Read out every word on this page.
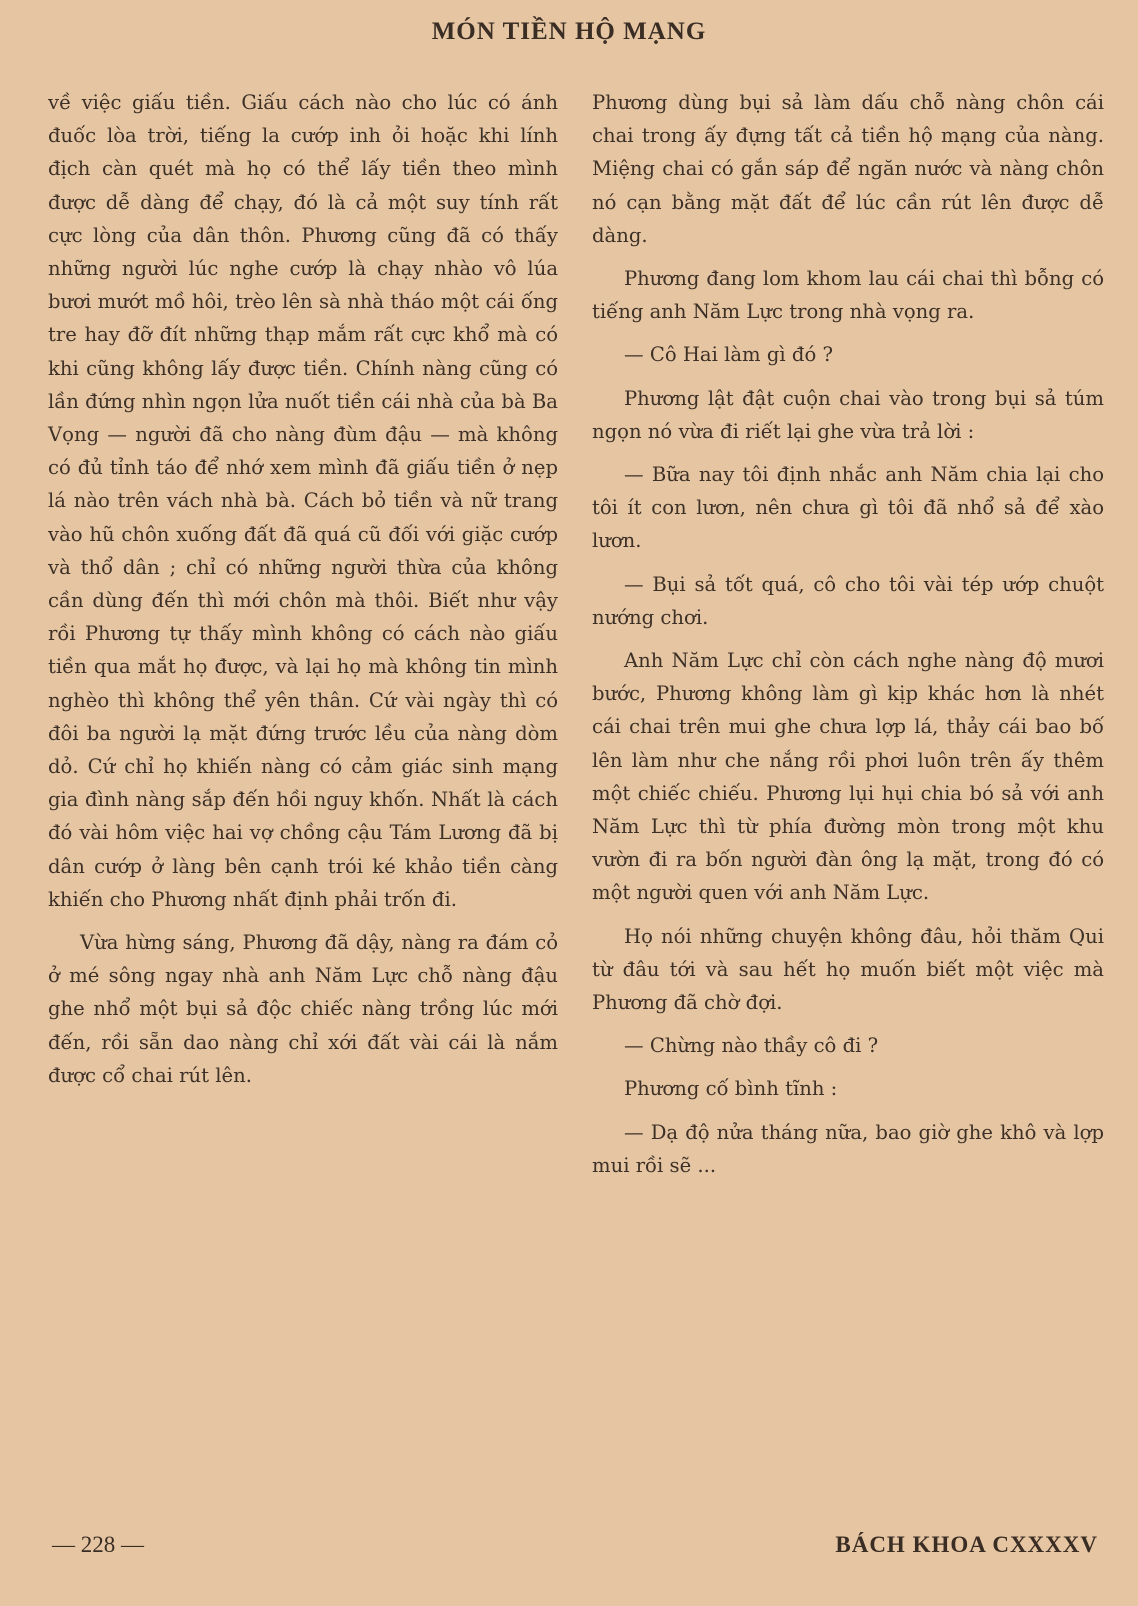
MÓN TIỀN HỘ MẠNG

về việc giấu tiền. Giấu cách nào cho lúc có ánh đuốc lòa trời, tiếng la cướp inh ỏi hoặc khi lính địch càn quét mà họ có thể lấy tiền theo mình được dễ dàng để chạy, đó là cả một suy tính rất cực lòng của dân thôn. Phương cũng đã có thấy những người lúc nghe cướp là chạy nhào vô lúa bươi mướt mồ hôi, trèo lên sà nhà tháo một cái ống tre hay đỡ đít những thạp mắm rất cực khổ mà có khi cũng không lấy được tiền. Chính nàng cũng có lần đứng nhìn ngọn lửa nuốt tiền cái nhà của bà Ba Vọng — người đã cho nàng đùm đậu — mà không có đủ tỉnh táo để nhớ xem mình đã giấu tiền ở nẹp lá nào trên vách nhà bà. Cách bỏ tiền và nữ trang vào hũ chôn xuống đất đã quá cũ đối với giặc cướp và thổ dân ; chỉ có những người thừa của không cần dùng đến thì mới chôn mà thôi. Biết như vậy rồi Phương tự thấy mình không có cách nào giấu tiền qua mắt họ được, và lại họ mà không tin mình nghèo thì không thể yên thân. Cứ vài ngày thì có đôi ba người lạ mặt đứng trước lều của nàng dòm dỏ. Cứ chỉ họ khiến nàng có cảm giác sinh mạng gia đình nàng sắp đến hồi nguy khốn. Nhất là cách đó vài hôm việc hai vợ chồng cậu Tám Lương đã bị dân cướp ở làng bên cạnh trói ké khảo tiền càng khiến cho Phương nhất định phải trốn đi.

Vừa hừng sáng, Phương đã dậy, nàng ra đám cỏ ở mé sông ngay nhà anh Năm Lực chỗ nàng đậu ghe nhổ một bụi sả độc chiếc nàng trồng lúc mới đến, rồi sẵn dao nàng chỉ xới đất vài cái là nắm được cổ chai rút lên.

Phương dùng bụi sả làm dấu chỗ nàng chôn cái chai trong ấy đựng tất cả tiền hộ mạng của nàng. Miệng chai có gắn sáp để ngăn nước và nàng chôn nó cạn bằng mặt đất để lúc cần rút lên được dễ dàng.

Phương đang lom khom lau cái chai thì bỗng có tiếng anh Năm Lực trong nhà vọng ra.

— Cô Hai làm gì đó ?

Phương lật đật cuộn chai vào trong bụi sả túm ngọn nó vừa đi riết lại ghe vừa trả lời :

— Bữa nay tôi định nhắc anh Năm chia lại cho tôi ít con lươn, nên chưa gì tôi đã nhổ sả để xào lươn.

— Bụi sả tốt quá, cô cho tôi vài tép ướp chuột nướng chơi.

Anh Năm Lực chỉ còn cách nghe nàng độ mươi bước, Phương không làm gì kịp khác hơn là nhét cái chai trên mui ghe chưa lợp lá, thảy cái bao bố lên làm như che nắng rồi phơi luôn trên ấy thêm một chiếc chiếu. Phương lụi hụi chia bó sả với anh Năm Lực thì từ phía đường mòn trong một khu vườn đi ra bốn người đàn ông lạ mặt, trong đó có một người quen với anh Năm Lực.

Họ nói những chuyện không đâu, hỏi thăm Qui từ đâu tới và sau hết họ muốn biết một việc mà Phương đã chờ đợi.

— Chừng nào thầy cô đi ?

Phương cố bình tĩnh :

— Dạ độ nửa tháng nữa, bao giờ ghe khô và lợp mui rồi sẽ ...

— 228 —	BÁCH KHOA CXXXXV
